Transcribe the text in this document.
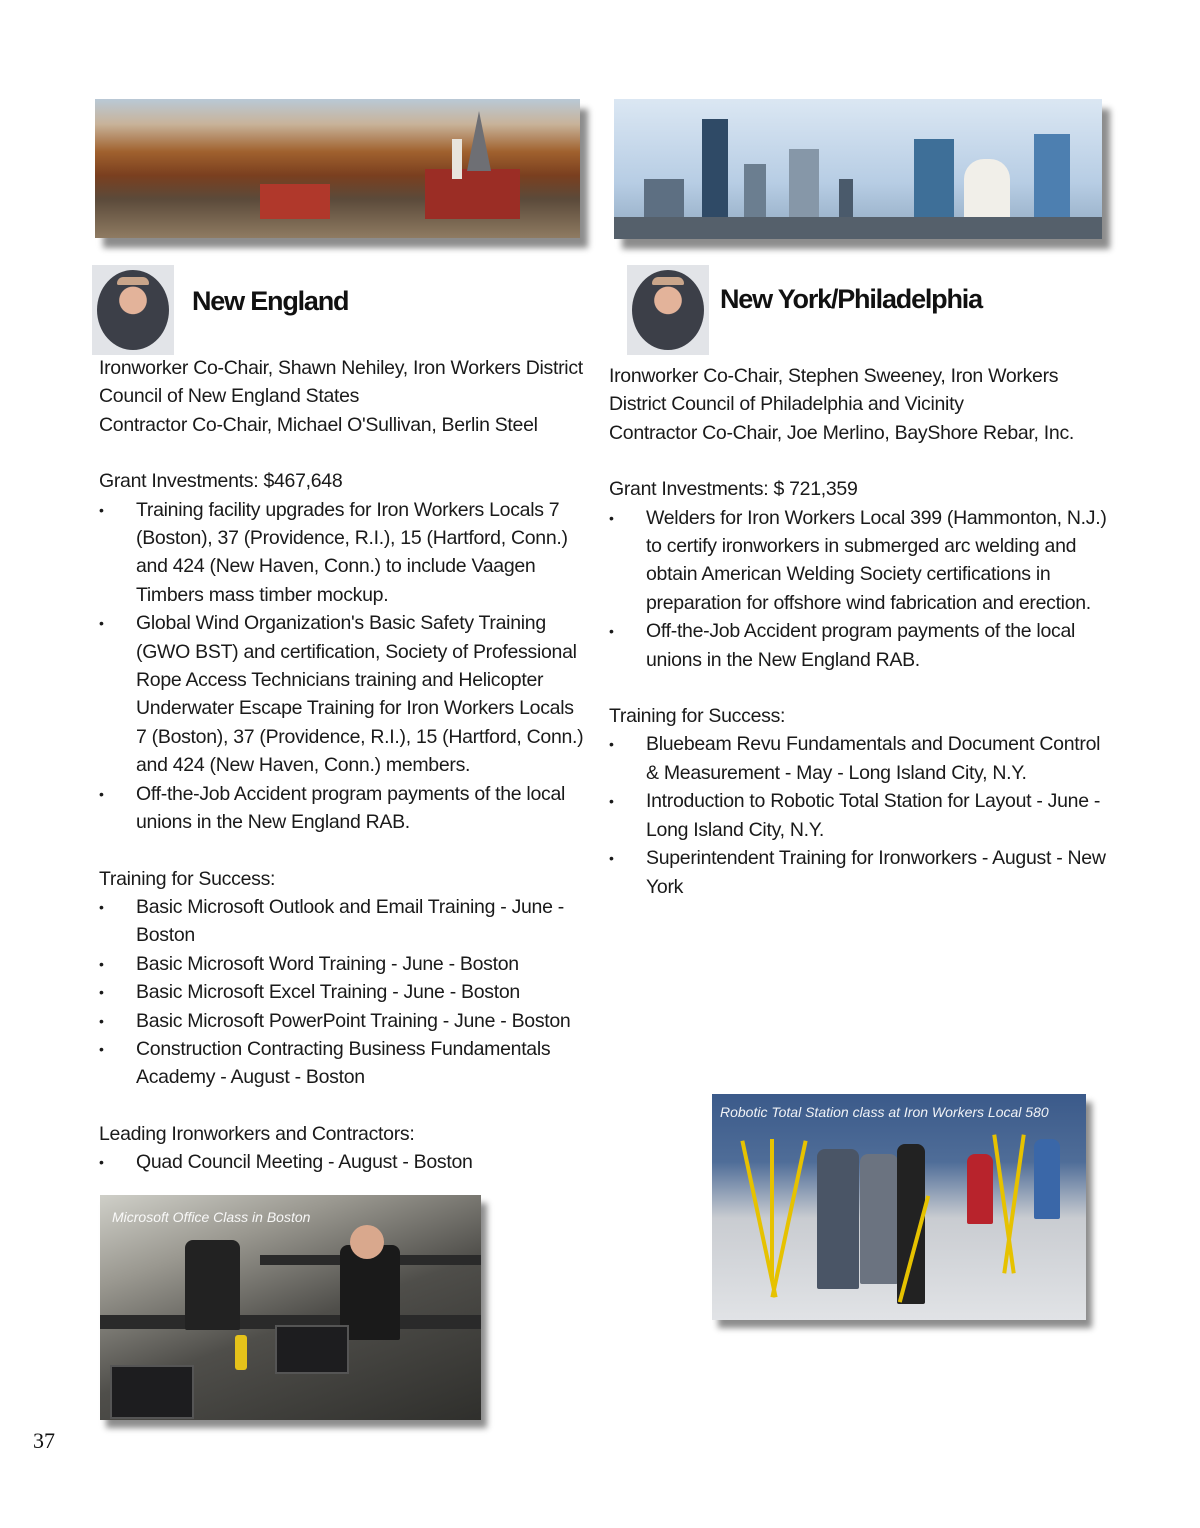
New England	New York/Philadelphia

Ironworker Co-Chair, Shawn Nehiley, Iron Workers District

Council of New England States

Contractor Co-Chair, Michael O'Sullivan, Berlin Steel

Grant Investments: $467,648

• Training facility upgrades for Iron Workers Locals 7 (Boston), 37 (Providence, R.I.), 15 (Hartford, Conn.) and 424 (New Haven, Conn.) to include Vaagen Timbers mass timber mockup.
• Global Wind Organization's Basic Safety Training (GWO BST) and certification, Society of Professional Rope Access Technicians training and Helicopter Underwater Escape Training for Iron Workers Locals 7 (Boston), 37 (Providence, R.I.), 15 (Hartford, Conn.) and 424 (New Haven, Conn.) members.
• Off-the-Job Accident program payments of the local unions in the New England RAB.

Training for Success:

• Basic Microsoft Outlook and Email Training - June - Boston
• Basic Microsoft Word Training - June - Boston
• Basic Microsoft Excel Training - June - Boston
• Basic Microsoft PowerPoint Training - June - Boston
• Construction Contracting Business Fundamentals Academy - August - Boston

Leading Ironworkers and Contractors:

• Quad Council Meeting - August - Boston

Ironworker Co-Chair, Stephen Sweeney, Iron Workers

District Council of Philadelphia and Vicinity

Contractor Co-Chair, Joe Merlino, BayShore Rebar, Inc.

Grant Investments: $ 721,359

• Welders for Iron Workers Local 399 (Hammonton, N.J.) to certify ironworkers in submerged arc welding and obtain American Welding Society certifications in preparation for offshore wind fabrication and erection.
• Off-the-Job Accident program payments of the local unions in the New England RAB.

Training for Success:

• Bluebeam Revu Fundamentals and Document Control & Measurement - May - Long Island City, N.Y.
• Introduction to Robotic Total Station for Layout - June - Long Island City, N.Y.
• Superintendent Training for Ironworkers - August - New York
Microsoft Office Class in Boston
Robotic Total Station class at Iron Workers Local 580
37
